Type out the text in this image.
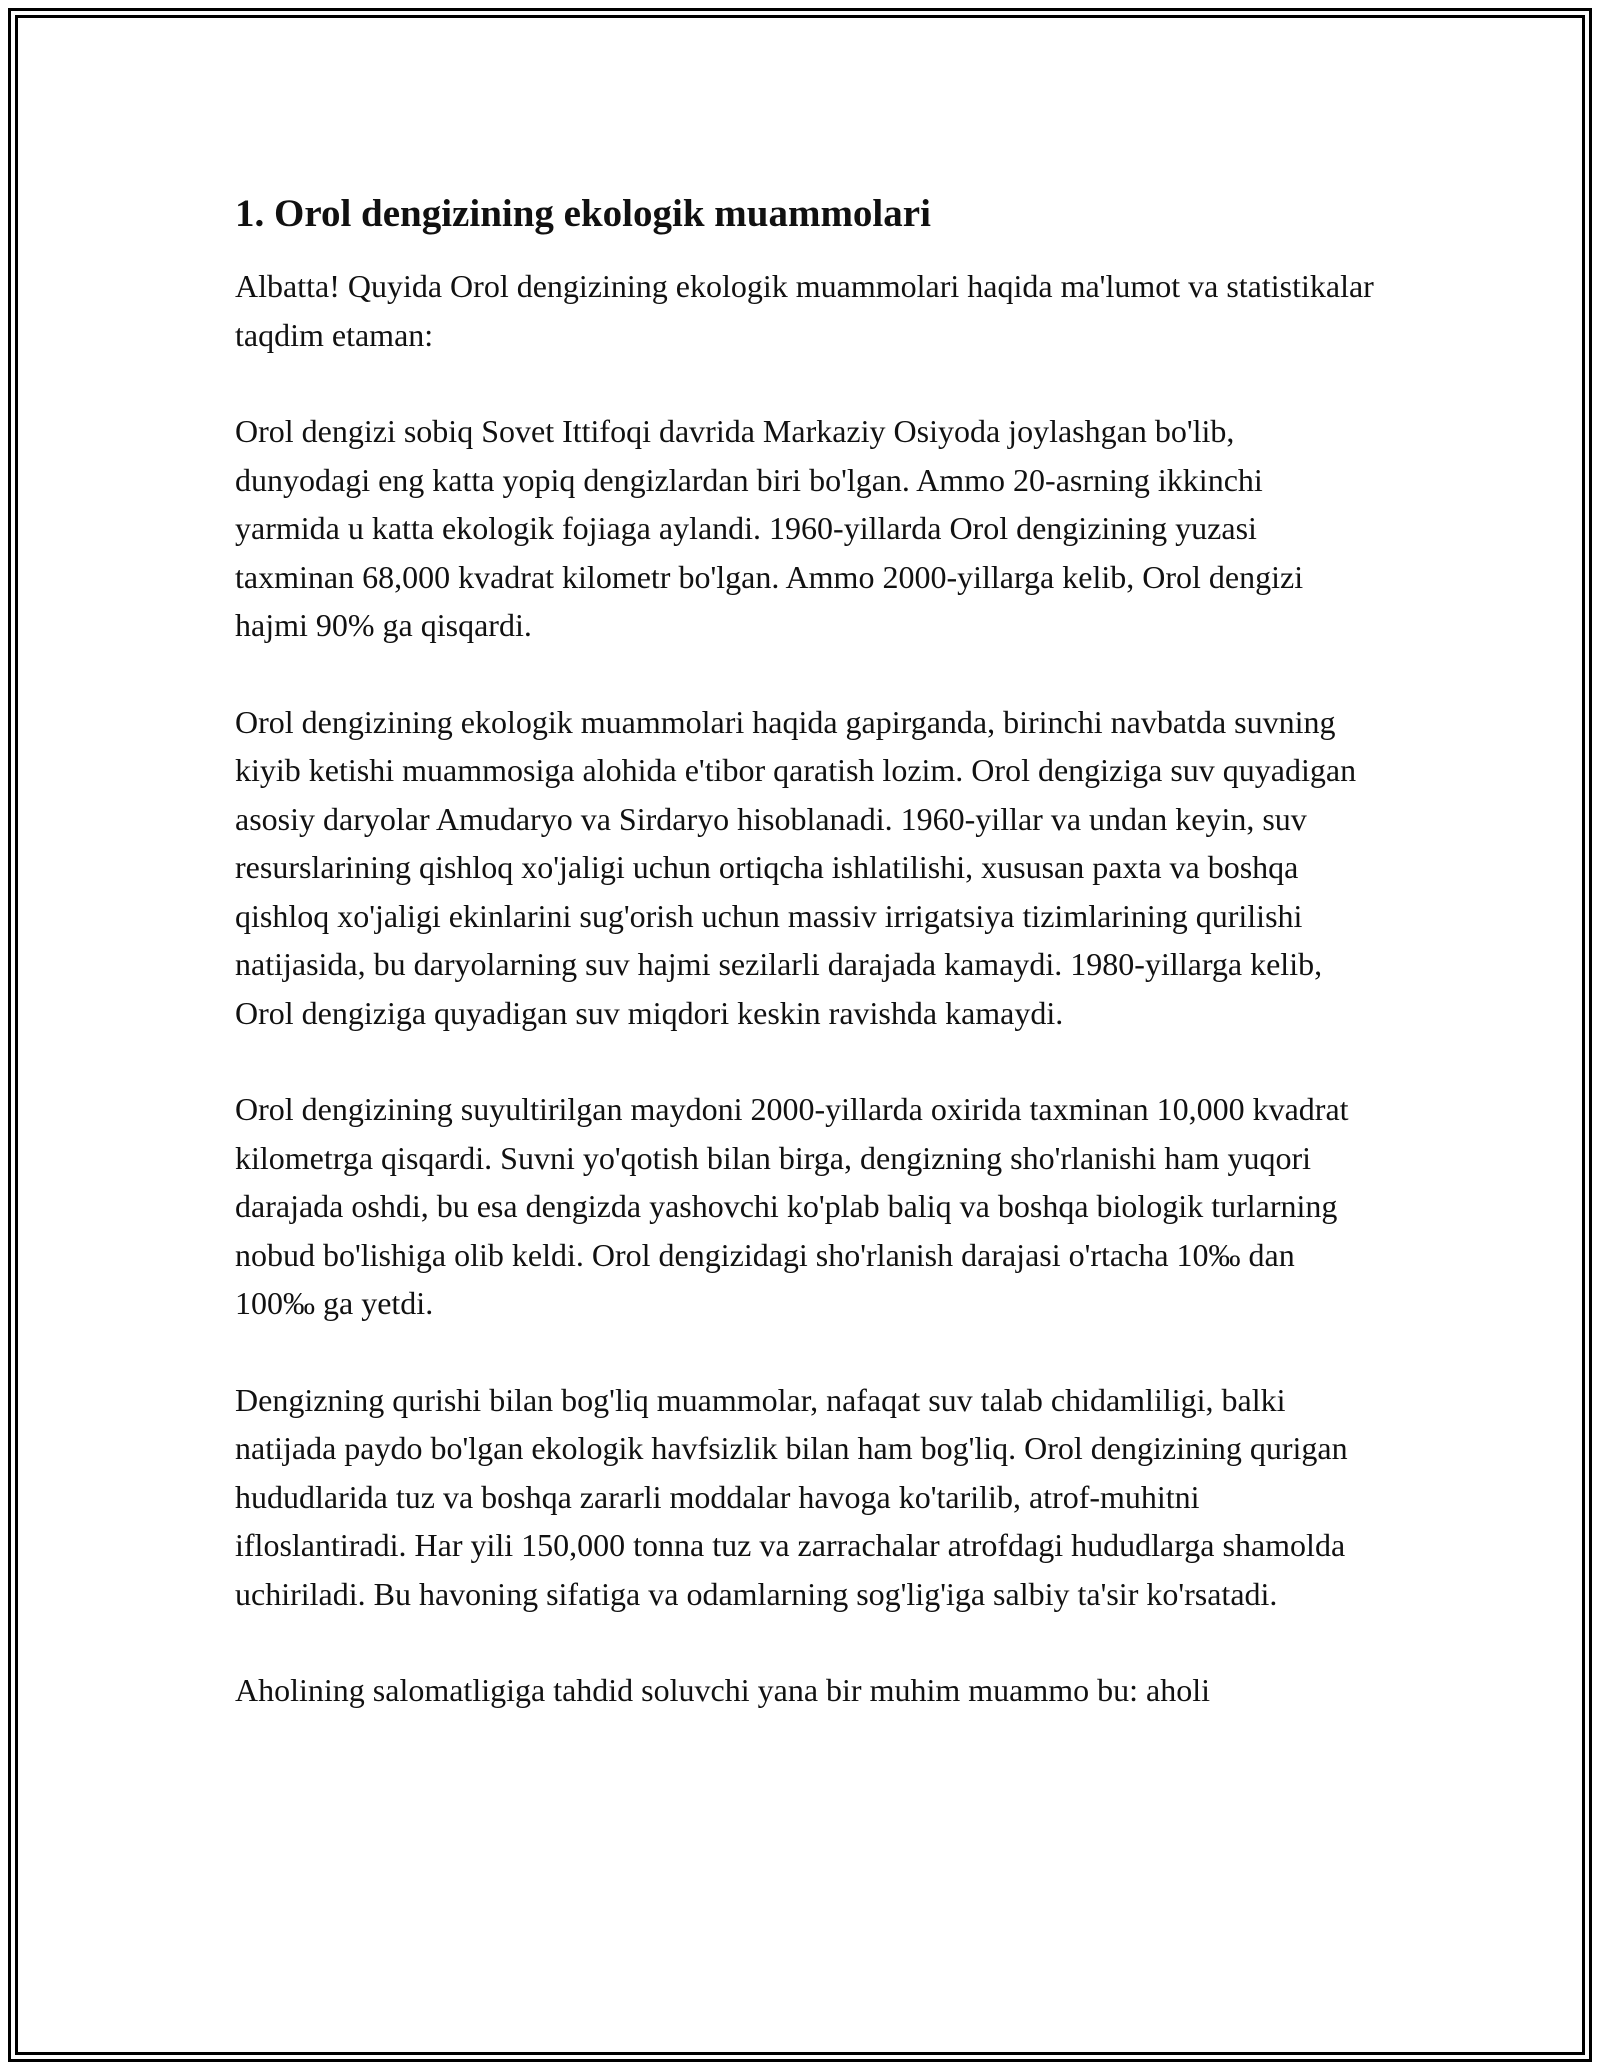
1. Orol dengizining ekologik muammolari

Albatta! Quyida Orol dengizining ekologik muammolari haqida ma'lumot va statistikalar taqdim etaman:

Orol dengizi sobiq Sovet Ittifoqi davrida Markaziy Osiyoda joylashgan bo'lib, dunyodagi eng katta yopiq dengizlardan biri bo'lgan. Ammo 20-asrning ikkinchi yarmida u katta ekologik fojiaga aylandi. 1960-yillarda Orol dengizining yuzasi taxminan 68,000 kvadrat kilometr bo'lgan. Ammo 2000-yillarga kelib, Orol dengizi hajmi 90% ga qisqardi.

Orol dengizining ekologik muammolari haqida gapirganda, birinchi navbatda suvning kiyib ketishi muammosiga alohida e'tibor qaratish lozim. Orol dengiziga suv quyadigan asosiy daryolar Amudaryo va Sirdaryo hisoblanadi. 1960-yillar va undan keyin, suv resurslarining qishloq xo'jaligi uchun ortiqcha ishlatilishi, xususan paxta va boshqa qishloq xo'jaligi ekinlarini sug'orish uchun massiv irrigatsiya tizimlarining qurilishi natijasida, bu daryolarning suv hajmi sezilarli darajada kamaydi. 1980-yillarga kelib, Orol dengiziga quyadigan suv miqdori keskin ravishda kamaydi.

Orol dengizining suyultirilgan maydoni 2000-yillarda oxirida taxminan 10,000 kvadrat kilometrga qisqardi. Suvni yo'qotish bilan birga, dengizning sho'rlanishi ham yuqori darajada oshdi, bu esa dengizda yashovchi ko'plab baliq va boshqa biologik turlarning nobud bo'lishiga olib keldi. Orol dengizidagi sho'rlanish darajasi o'rtacha 10‰ dan 100‰ ga yetdi.

Dengizning qurishi bilan bog'liq muammolar, nafaqat suv talab chidamliligi, balki natijada paydo bo'lgan ekologik havfsizlik bilan ham bog'liq. Orol dengizining qurigan hududlarida tuz va boshqa zararli moddalar havoga ko'tarilib, atrof-muhitni ifloslantiradi. Har yili 150,000 tonna tuz va zarrachalar atrofdagi hududlarga shamolda uchiriladi. Bu havoning sifatiga va odamlarning sog'lig'iga salbiy ta'sir ko'rsatadi.

Aholining salomatligiga tahdid soluvchi yana bir muhim muammo bu: aholi
